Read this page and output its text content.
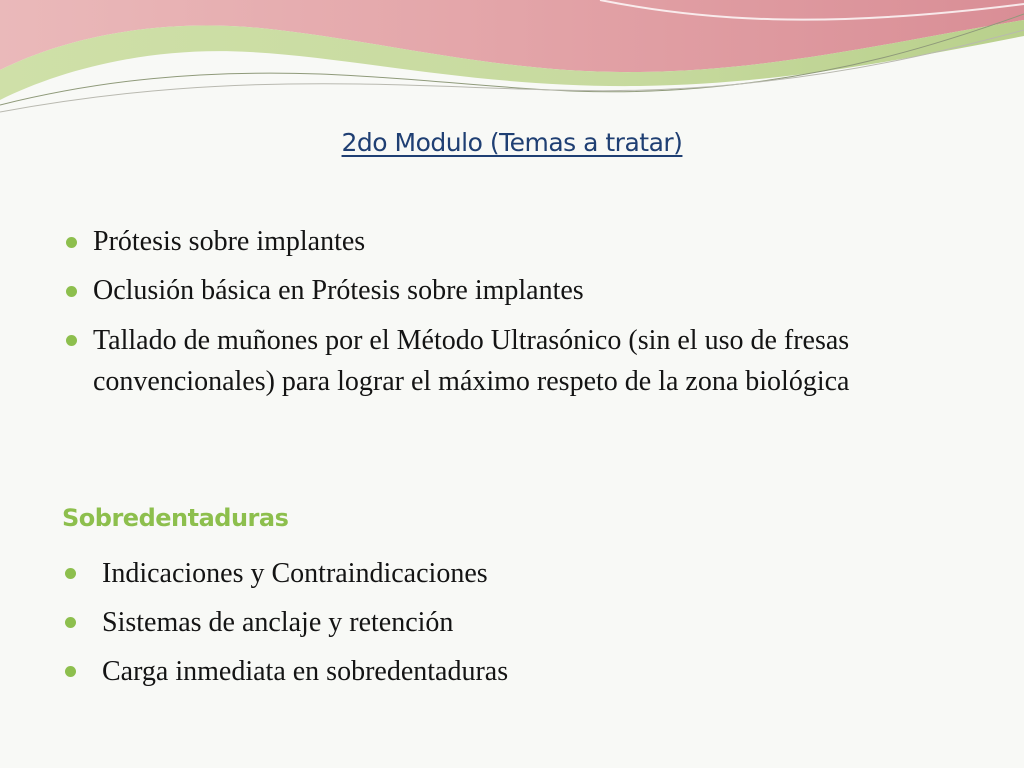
2do Modulo (Temas a tratar)
Prótesis sobre implantes
Oclusión básica en Prótesis sobre implantes
Tallado de muñones por el Método Ultrasónico (sin el uso de fresas convencionales) para lograr el máximo respeto de la zona biológica
Sobredentaduras
Indicaciones y Contraindicaciones
Sistemas de anclaje y retención
Carga inmediata en sobredentaduras
